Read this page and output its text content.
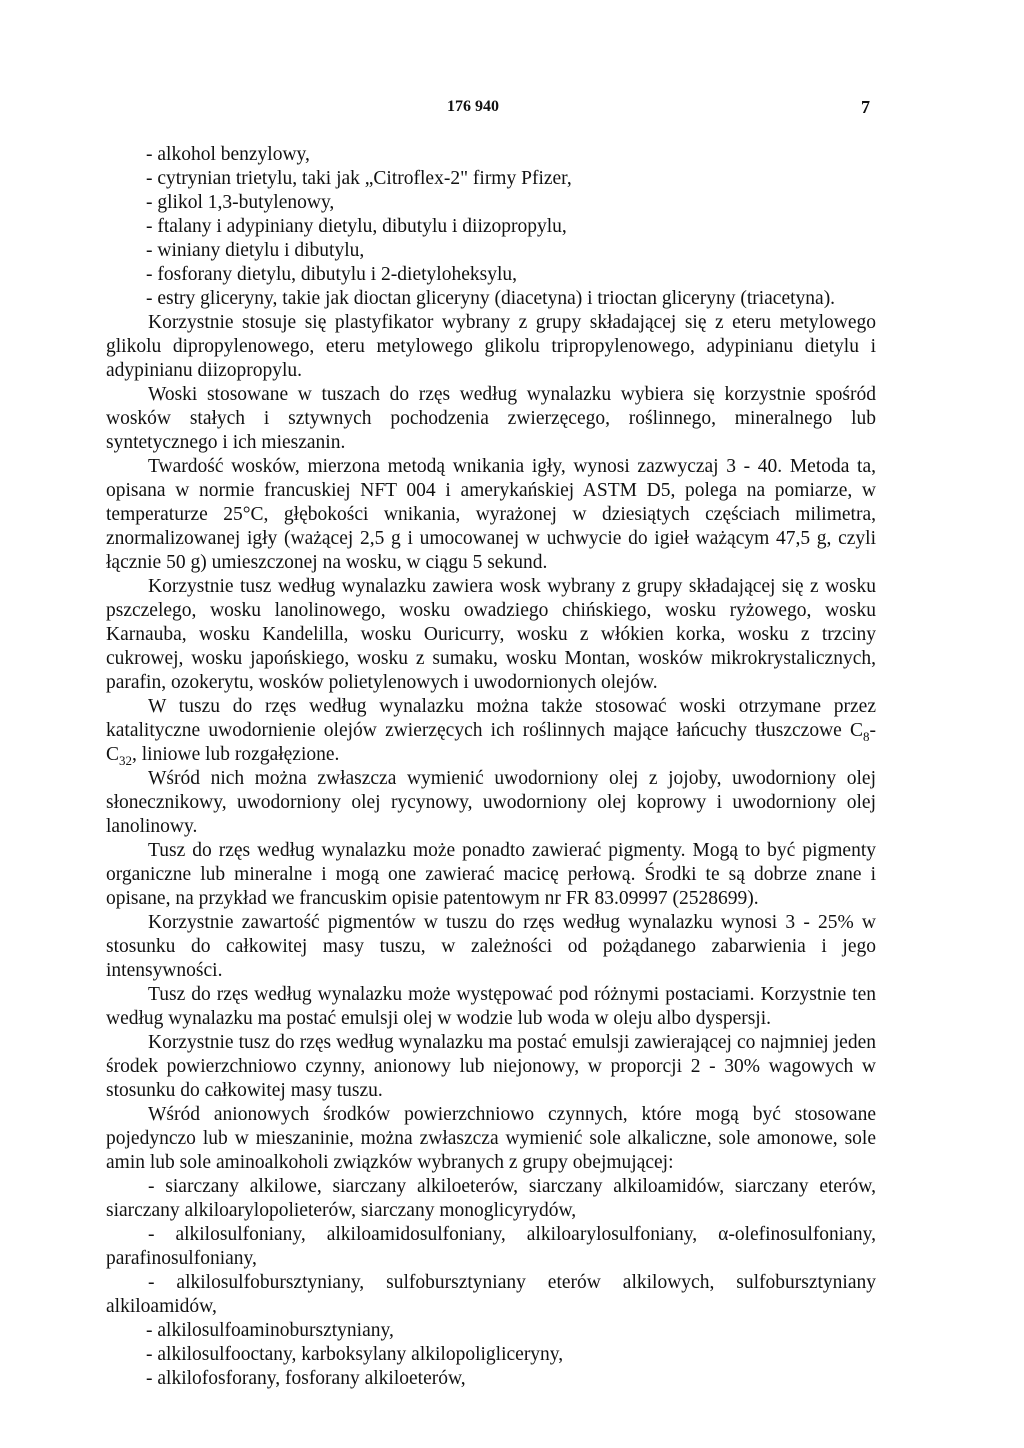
176 940	7

- alkohol benzylowy,

- cytrynian trietylu, taki jak „Citroflex-2" firmy Pfizer,

- glikol 1,3-butylenowy,

- ftalany i adypiniany dietylu, dibutylu i diizopropylu,

- winiany dietylu i dibutylu,

- fosforany dietylu, dibutylu i 2-dietyloheksylu,

- estry gliceryny, takie jak dioctan gliceryny (diacetyna) i trioctan gliceryny (triacetyna).

Korzystnie stosuje się plastyfikator wybrany z grupy składającej się z eteru metylowego glikolu dipropylenowego, eteru metylowego glikolu tripropylenowego, adypinianu dietylu i adypinianu diizopropylu.

Woski stosowane w tuszach do rzęs według wynalazku wybiera się korzystnie spośród wosków stałych i sztywnych pochodzenia zwierzęcego, roślinnego, mineralnego lub syntetycznego i ich mieszanin.

Twardość wosków, mierzona metodą wnikania igły, wynosi zazwyczaj 3 - 40. Metoda ta, opisana w normie francuskiej NFT 004 i amerykańskiej ASTM D5, polega na pomiarze, w temperaturze 25°C, głębokości wnikania, wyrażonej w dziesiątych częściach milimetra, znormalizowanej igły (ważącej 2,5 g i umocowanej w uchwycie do igieł ważącym 47,5 g, czyli łącznie 50 g) umieszczonej na wosku, w ciągu 5 sekund.

Korzystnie tusz według wynalazku zawiera wosk wybrany z grupy składającej się z wosku pszczelego, wosku lanolinowego, wosku owadziego chińskiego, wosku ryżowego, wosku Karnauba, wosku Kandelilla, wosku Ouricurry, wosku z włókien korka, wosku z trzciny cukrowej, wosku japońskiego, wosku z sumaku, wosku Montan, wosków mikrokrystalicznych, parafin, ozokerytu, wosków polietylenowych i uwodornionych olejów.

W tuszu do rzęs według wynalazku można także stosować woski otrzymane przez katalityczne uwodornienie olejów zwierzęcych ich roślinnych mające łańcuchy tłuszczowe $C_8-C_{32}$, liniowe lub rozgałęzione.

Wśród nich można zwłaszcza wymienić uwodorniony olej z jojoby, uwodorniony olej słonecznikowy, uwodorniony olej rycynowy, uwodorniony olej koprowy i uwodorniony olej lanolinowy.

Tusz do rzęs według wynalazku może ponadto zawierać pigmenty. Mogą to być pigmenty organiczne lub mineralne i mogą one zawierać macicę perłową. Środki te są dobrze znane i opisane, na przykład we francuskim opisie patentowym nr FR 83.09997 (2528699).

Korzystnie zawartość pigmentów w tuszu do rzęs według wynalazku wynosi 3 - 25% w stosunku do całkowitej masy tuszu, w zależności od pożądanego zabarwienia i jego intensywności.

Tusz do rzęs według wynalazku może występować pod różnymi postaciami. Korzystnie ten według wynalazku ma postać emulsji olej w wodzie lub woda w oleju albo dyspersji.

Korzystnie tusz do rzęs według wynalazku ma postać emulsji zawierającej co najmniej jeden środek powierzchniowo czynny, anionowy lub niejonowy, w proporcji 2 - 30% wagowych w stosunku do całkowitej masy tuszu.

Wśród anionowych środków powierzchniowo czynnych, które mogą być stosowane pojedynczo lub w mieszaninie, można zwłaszcza wymienić sole alkaliczne, sole amonowe, sole amin lub sole aminoalkoholi związków wybranych z grupy obejmującej:

- siarczany alkilowe, siarczany alkiloeterów, siarczany alkiloamidów, siarczany eterów, siarczany alkiloarylopolieterów, siarczany monoglicyrydów,

- alkilosulfoniany, alkiloamidosulfoniany, alkiloarylosulfoniany, α-olefinosulfoniany, parafinosulfoniany,

- alkilosulfobursztyniany, sulfobursztyniany eterów alkilowych, sulfobursztyniany alkiloamidów,

- alkilosulfoaminobursztyniany,

- alkilosulfooctany, karboksylany alkilopoligliceryny,

- alkilofosforany, fosforany alkiloeterów,
